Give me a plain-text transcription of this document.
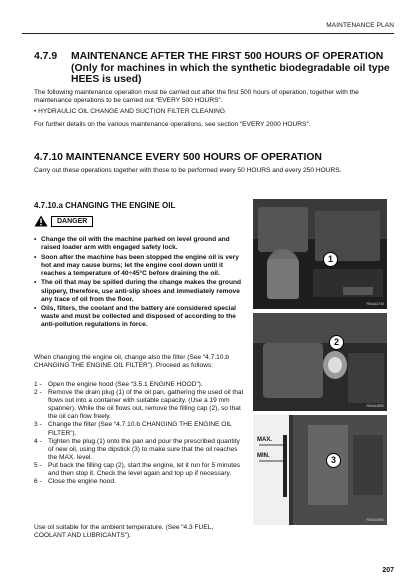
MAINTENANCE PLAN
4.7.9 MAINTENANCE AFTER THE FIRST 500 HOURS OF OPERATION (Only for machines in which the synthetic biodegradable oil type HEES is used)
The following maintenance operation must be carried out after the first 500 hours of operation, together with the maintenance operations to be carried out “EVERY 500 HOURS”.
• HYDRAULIC OIL CHANGE AND SUCTION FILTER CLEANING
For further details on the various maintenance operations, see section “EVERY 2000 HOURS”.
4.7.10 MAINTENANCE EVERY 500 HOURS OF OPERATION
Carry out these operations together with those to be performed every 50 HOURS and every 250 HOURS.
4.7.10.a CHANGING THE ENGINE OIL
DANGER
• Change the oil with the machine parked on level ground and raised loader arm with engaged safety lock.
• Soon after the machine has been stopped the engine oil is very hot and may cause burns; let the engine cool down until it reaches a temperature of 40÷45°C before draining the oil.
• The oil that may be spilled during the change makes the ground slippery, therefore, use anti-slip shoes and immediately remove any trace of oil from the floor.
• Oils, filters, the coolant and the battery are considered special waste and must be collected and disposed of according to the anti-pollution regulations in force.
When changing the engine oil, change also the filter (See “4.7.10.b CHANGING THE ENGINE OIL FILTER”). Proceed as follows:
1 - Open the engine hood (See “3.5.1 ENGINE HOOD”).
2 - Remove the drain plug (1) of the oil pan, gathering the used oil that flows out into a container with suitable capacity. (Use a 19 mm spanner). While the oil flows out, remove the filling cap (2), so that the oil can flow freely.
3 - Change the filter (See “4.7.10.b CHANGING THE ENGINE OIL FILTER”).
4 - Tighten the plug (1) onto the pan and pour the prescribed quantity of new oil, using the dipstick (3) to make sure that the oil reaches the MAX. level.
5 - Put back the filling cap (2), start the engine, let it run for 5 minutes and then stop it. Check the level again and top up if necessary.
6 - Close the engine hood.
Use oil suitable for the ambient temperature. (See “4.3 FUEL, COOLANT AND LUBRICANTS”).
1
RNAA4740
2
RNAA4880
MAX.
MIN.	3
RNAA4890
207
